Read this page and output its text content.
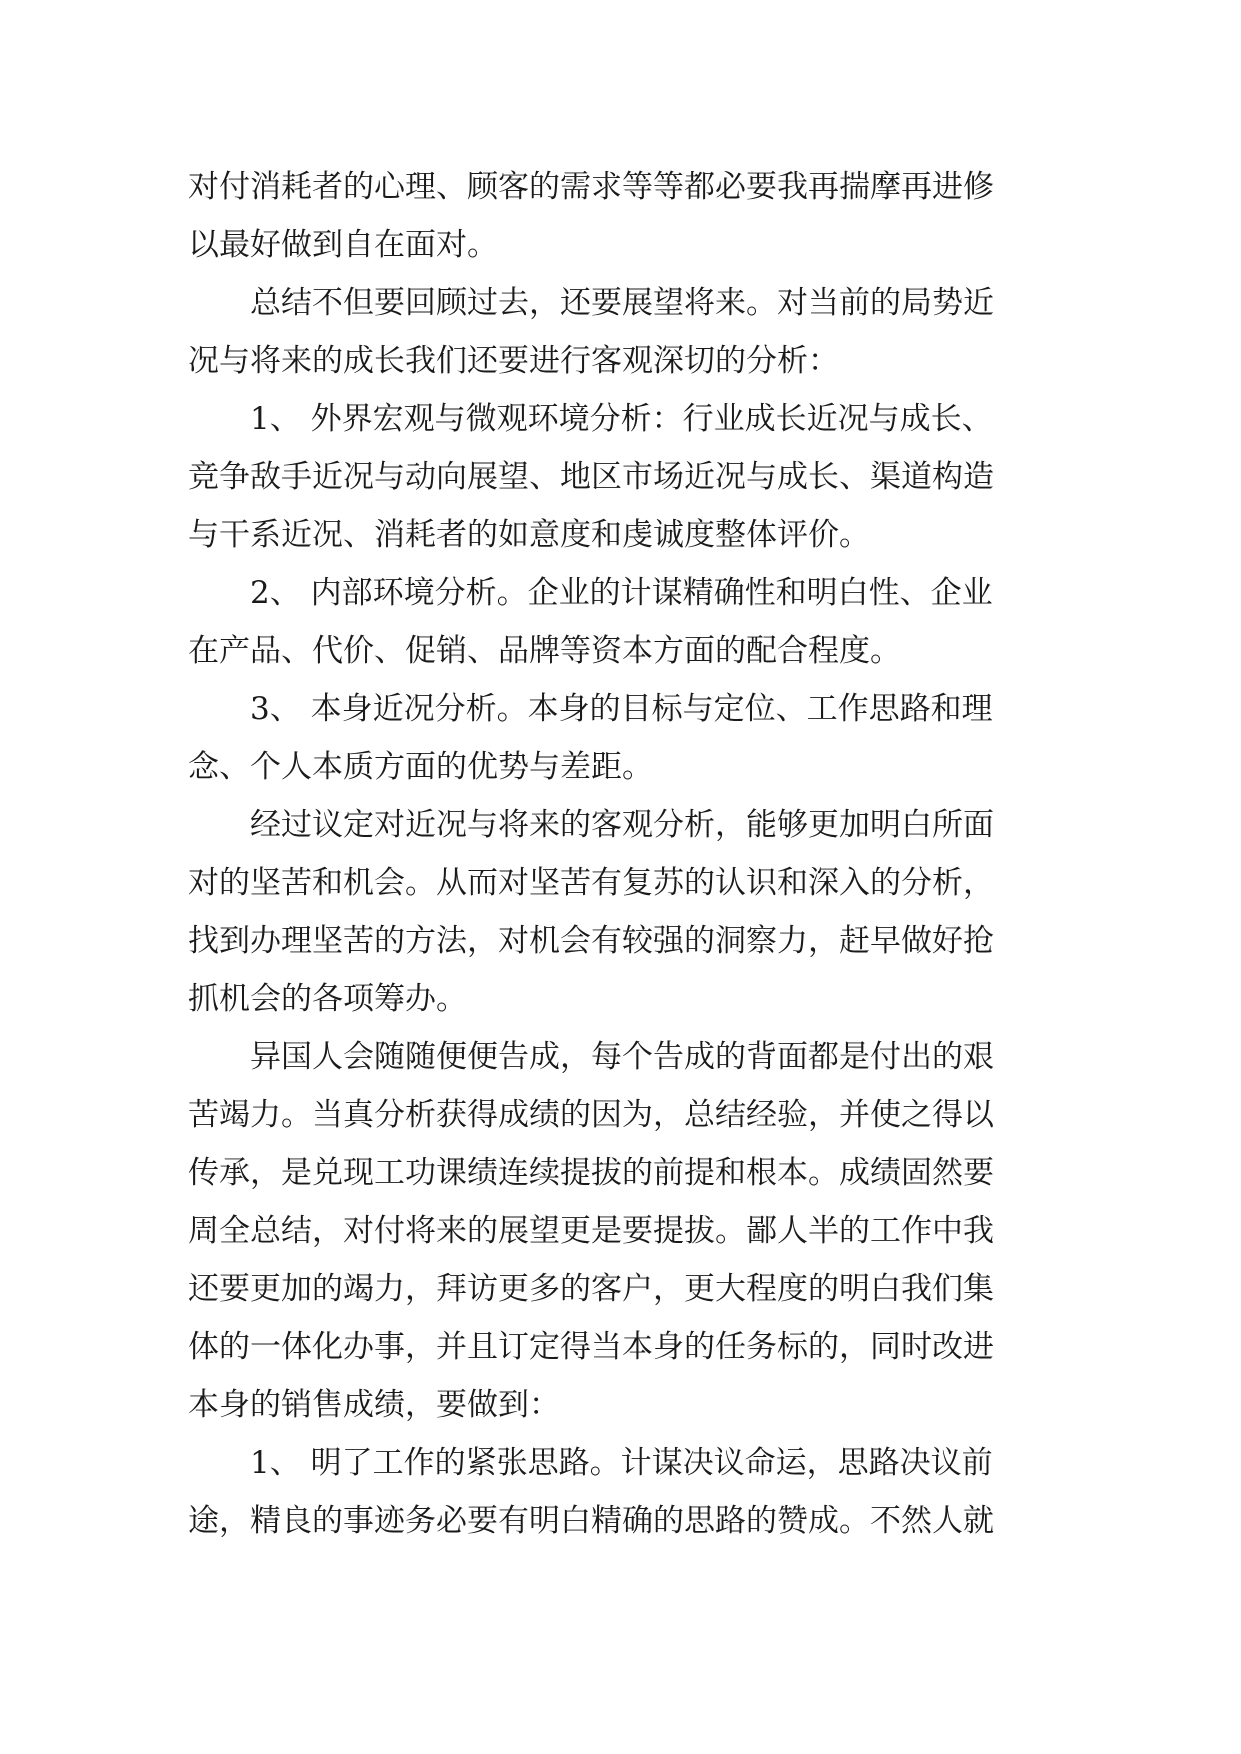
对付消耗者的心理、顾客的需求等等都必要我再揣摩再进修
以最好做到自在面对。
　　总结不但要回顾过去，还要展望将来。对当前的局势近
况与将来的成长我们还要进行客观深切的分析：
　　1、 外界宏观与微观环境分析：行业成长近况与成长、
竞争敌手近况与动向展望、地区市场近况与成长、渠道构造
与干系近况、消耗者的如意度和虔诚度整体评价。
　　2、 内部环境分析。企业的计谋精确性和明白性、企业
在产品、代价、促销、品牌等资本方面的配合程度。
　　3、 本身近况分析。本身的目标与定位、工作思路和理
念、个人本质方面的优势与差距。
　　经过议定对近况与将来的客观分析，能够更加明白所面
对的坚苦和机会。从而对坚苦有复苏的认识和深入的分析，
找到办理坚苦的方法，对机会有较强的洞察力，赶早做好抢
抓机会的各项筹办。
　　异国人会随随便便告成，每个告成的背面都是付出的艰
苦竭力。当真分析获得成绩的因为，总结经验，并使之得以
传承，是兑现工功课绩连续提拔的前提和根本。成绩固然要
周全总结，对付将来的展望更是要提拔。鄙人半的工作中我
还要更加的竭力，拜访更多的客户，更大程度的明白我们集
体的一体化办事，并且订定得当本身的任务标的，同时改进
本身的销售成绩，要做到：
　　1、 明了工作的紧张思路。计谋决议命运，思路决议前
途，精良的事迹务必要有明白精确的思路的赞成。不然人就
